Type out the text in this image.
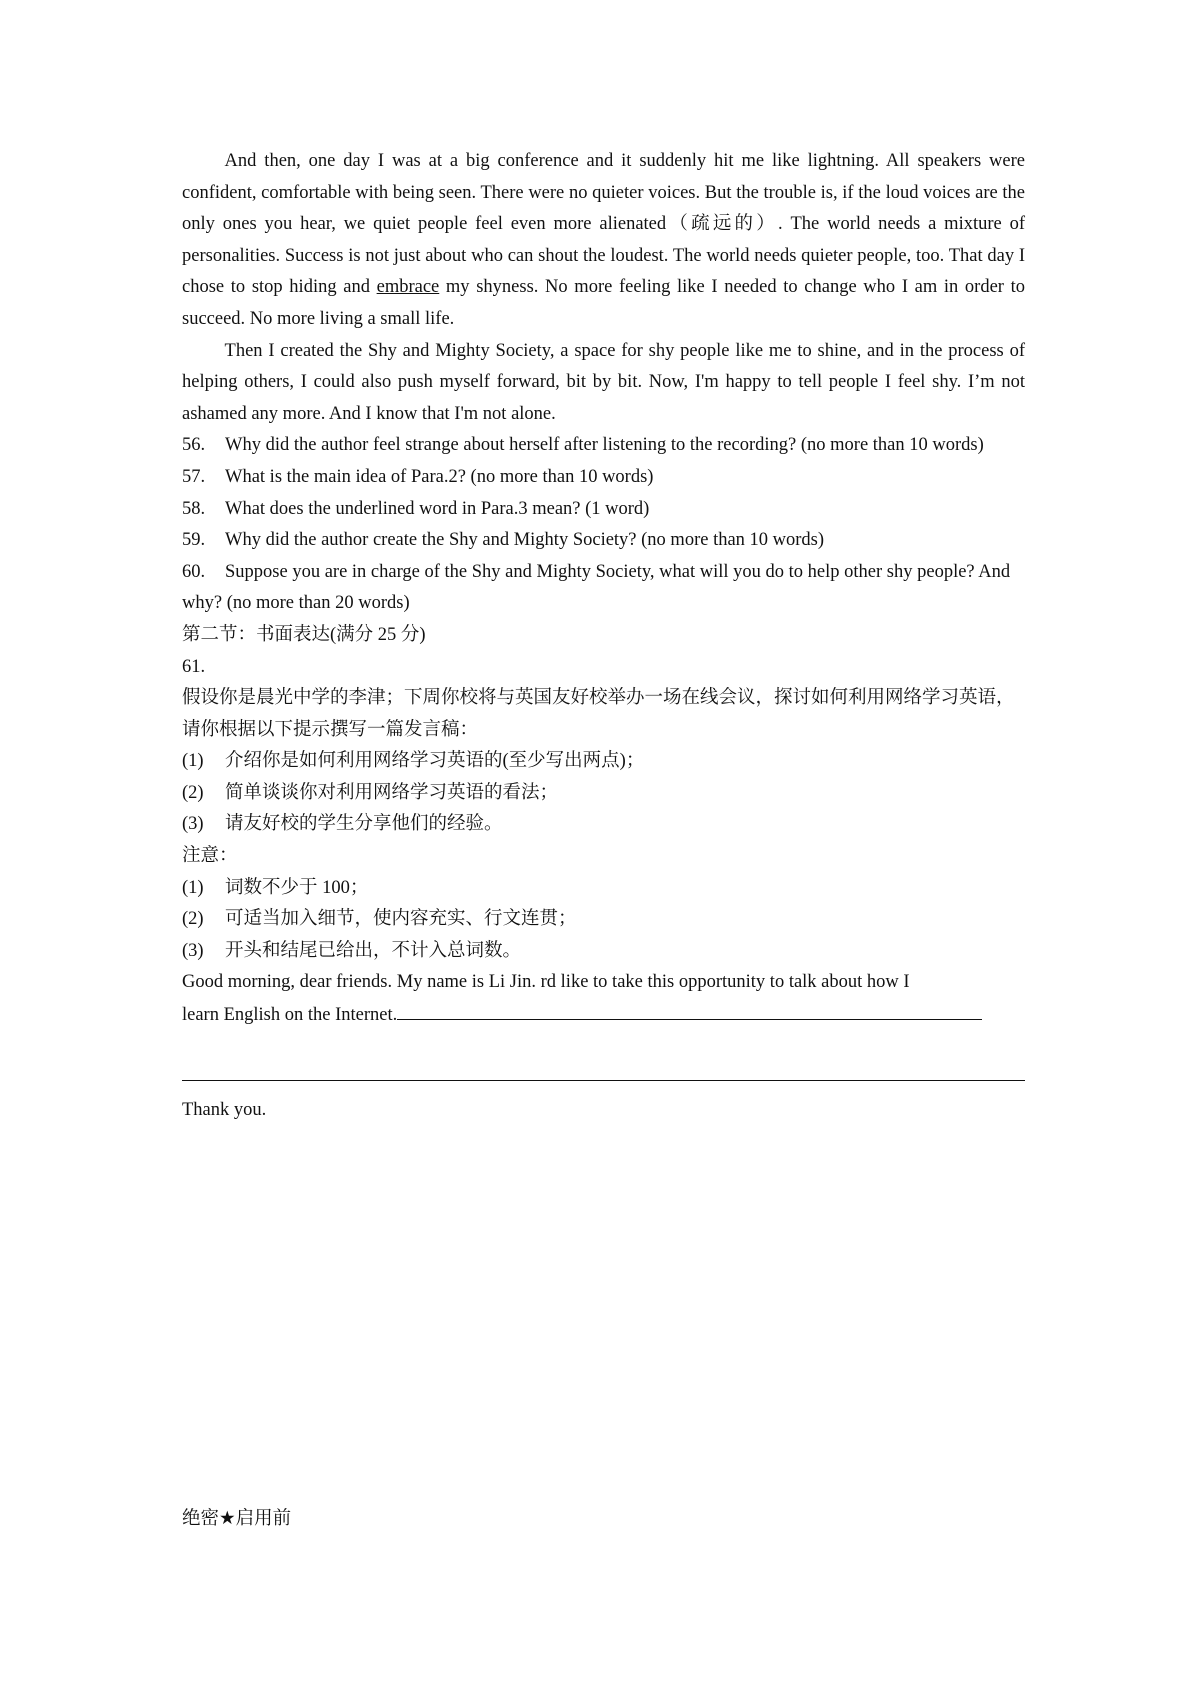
And then, one day I was at a big conference and it suddenly hit me like lightning. All speakers were confident, comfortable with being seen. There were no quieter voices. But the trouble is, if the loud voices are the only ones you hear, we quiet people feel even more alienated（疏远的）. The world needs a mixture of personalities. Success is not just about who can shout the loudest. The world needs quieter people, too. That day I chose to stop hiding and embrace my shyness. No more feeling like I needed to change who I am in order to succeed. No more living a small life.

Then I created the Shy and Mighty Society, a space for shy people like me to shine, and in the process of helping others, I could also push myself forward, bit by bit. Now, I'm happy to tell people I feel shy. I’m not ashamed any more. And I know that I'm not alone.

56. Why did the author feel strange about herself after listening to the recording? (no more than 10 words)

57. What is the main idea of Para.2? (no more than 10 words)

58. What does the underlined word in Para.3 mean? (1 word)

59. Why did the author create the Shy and Mighty Society? (no more than 10 words)

60. Suppose you are in charge of the Shy and Mighty Society, what will you do to help other shy people? And why? (no more than 20 words)

第二节：书面表达(满分 25 分)

61.

假设你是晨光中学的李津；下周你校将与英国友好校举办一场在线会议，探讨如何利用网络学习英语，请你根据以下提示撰写一篇发言稿：

(1) 介绍你是如何利用网络学习英语的(至少写出两点)；

(2) 简单谈谈你对利用网络学习英语的看法；

(3) 请友好校的学生分享他们的经验。

注意：

(1) 词数不少于 100；

(2) 可适当加入细节，使内容充实、行文连贯；

(3) 开头和结尾已给出，不计入总词数。

Good morning, dear friends. My name is Li Jin. rd like to take this opportunity to talk about how I

learn English on the Internet.

Thank you.

绝密★启用前
